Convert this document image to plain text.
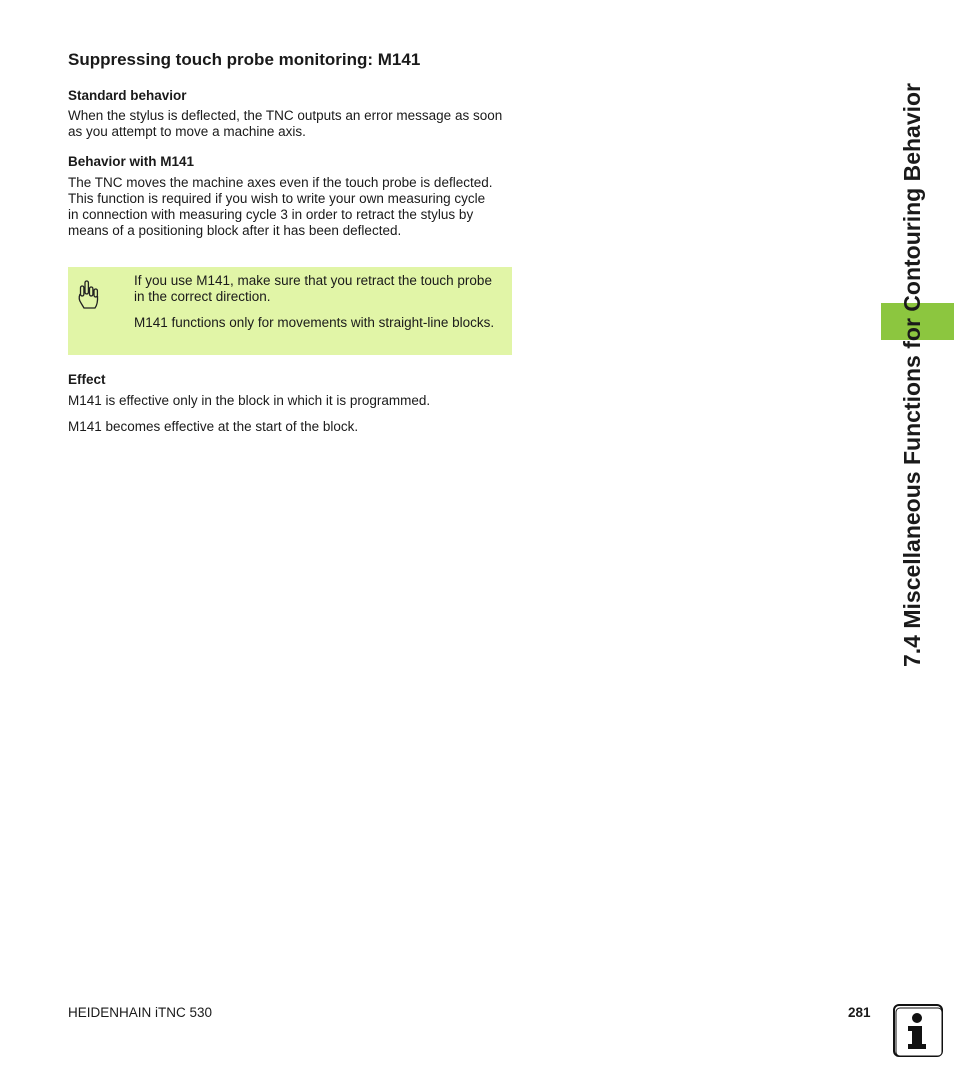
Suppressing touch probe monitoring: M141
Standard behavior

When the stylus is deflected, the TNC outputs an error message as soon as you attempt to move a machine axis.

Behavior with M141

The TNC moves the machine axes even if the touch probe is deflected. This function is required if you wish to write your own measuring cycle in connection with measuring cycle 3 in order to retract the stylus by means of a positioning block after it has been deflected.

If you use M141, make sure that you retract the touch probe in the correct direction.

M141 functions only for movements with straight-line blocks.

Effect

M141 is effective only in the block in which it is programmed.

M141 becomes effective at the start of the block.	7.4 Miscellaneous Functions for Contouring Behavior

HEIDENHAIN iTNC 530	281
